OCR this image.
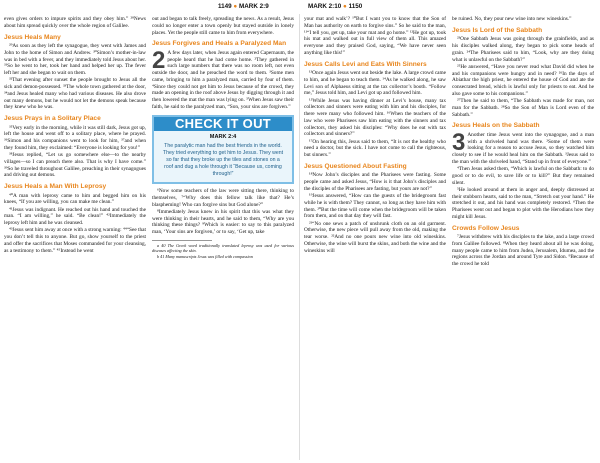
1149 ● MARK 2:9	MARK 2:10 ● 1150

even gives orders to impure spirits and they obey him.” ²⁸News about him spread quickly over the whole region of Galilee.

Jesus Heals Many

²⁹As soon as they left the synagogue, they went with James and John to the home of Simon and Andrew. ³⁰Simon’s mother-in-law was in bed with a fever, and they immediately told Jesus about her. ³¹So he went to her, took her hand and helped her up. The fever left her and she began to wait on them.

³²That evening after sunset the people brought to Jesus all the sick and demon-possessed. ³³The whole town gathered at the door, ³⁴and Jesus healed many who had various diseases. He also drove out many demons, but he would not let the demons speak because they knew who he was.

Jesus Prays in a Solitary Place

³⁵Very early in the morning, while it was still dark, Jesus got up, left the house and went off to a solitary place, where he prayed. ³⁶Simon and his companions went to look for him, ³⁷and when they found him, they exclaimed: “Everyone is looking for you!”

³⁸Jesus replied, “Let us go somewhere else—to the nearby villages—so I can preach there also. That is why I have come.” ³⁹So he traveled throughout Galilee, preaching in their synagogues and driving out demons.

Jesus Heals a Man With Leprosy

⁴⁰A man with leprosy came to him and begged him on his knees, “If you are willing, you can make me clean.”

⁴¹Jesus was indignant. He reached out his hand and touched the man. “I am willing,” he said. “Be clean!” ⁴²Immediately the leprosy left him and he was cleansed.

⁴³Jesus sent him away at once with a strong warning: ⁴⁴“See that you don’t tell this to anyone. But go, show yourself to the priest and offer the sacrifices that Moses commanded for your cleansing, as a testimony to them.” ⁴⁵Instead he went

out and began to talk freely, spreading the news. As a result, Jesus could no longer enter a town openly but stayed outside in lonely places. Yet the people still came to him from everywhere.

Jesus Forgives and Heals a Paralyzed Man

2 A few days later, when Jesus again entered Capernaum, the people heard that he had come home. ²They gathered in such large numbers that there was no room left, not even outside the door, and he preached the word to them. ³Some men came, bringing to him a paralyzed man, carried by four of them. ⁴Since they could not get him to Jesus because of the crowd, they made an opening in the roof above Jesus by digging through it and then lowered the mat the man was lying on. ⁵When Jesus saw their faith, he said to the paralyzed man, “Son, your sins are forgiven.”

CHECK IT OUT
MARK 2:4
The paralytic man had the best friends in the world. They tried everything to get him to Jesus. They went so far that they broke up the tiles and stones on a roof and dug a hole through it “Because us, coming through!”

⁶Now some teachers of the law were sitting there, thinking to themselves, ⁷“Why does this fellow talk like that? He’s blaspheming! Who can forgive sins but God alone?”

⁸Immediately Jesus knew in his spirit that this was what they were thinking in their hearts, and he said to them, “Why are you thinking these things? ⁹Which is easier: to say to this paralyzed man, ‘Your sins are forgiven,’ or to say, ‘Get up, take

a 40 The Greek word traditionally translated leprosy was used for various diseases affecting the skin.

b 41 Many manuscripts Jesus was filled with compassion

your mat and walk’? ¹⁰But I want you to know that the Son of Man has authority on earth to forgive sins.” So he said to the man, ¹¹“I tell you, get up, take your mat and go home.” ¹²He got up, took his mat and walked out in full view of them all. This amazed everyone and they praised God, saying, “We have never seen anything like this!”

Jesus Calls Levi and Eats With Sinners

¹³Once again Jesus went out beside the lake. A large crowd came to him, and he began to teach them. ¹⁴As he walked along, he saw Levi son of Alphaeus sitting at the tax collector’s booth. “Follow me,” Jesus told him, and Levi got up and followed him.

¹⁵While Jesus was having dinner at Levi’s house, many tax collectors and sinners were eating with him and his disciples, for there were many who followed him. ¹⁶When the teachers of the law who were Pharisees saw him eating with the sinners and tax collectors, they asked his disciples: “Why does he eat with tax collectors and sinners?”

¹⁷On hearing this, Jesus said to them, “It is not the healthy who need a doctor, but the sick. I have not come to call the righteous, but sinners.”

Jesus Questioned About Fasting

¹⁸Now John’s disciples and the Pharisees were fasting. Some people came and asked Jesus, “How is it that John’s disciples and the disciples of the Pharisees are fasting, but yours are not?”

¹⁹Jesus answered, “How can the guests of the bridegroom fast while he is with them? They cannot, so long as they have him with them. ²⁰But the time will come when the bridegroom will be taken from them, and on that day they will fast.

²¹“No one sews a patch of unshrunk cloth on an old garment. Otherwise, the new piece will pull away from the old, making the tear worse. ²²And no one pours new wine into old wineskins. Otherwise, the wine will burst the skins, and both the wine and the wineskins will

be ruined. No, they pour new wine into new wineskins.”

Jesus Is Lord of the Sabbath

²³One Sabbath Jesus was going through the grainfields, and as his disciples walked along, they began to pick some heads of grain. ²⁴The Pharisees said to him, “Look, why are they doing what is unlawful on the Sabbath?”

²⁵He answered, “Have you never read what David did when he and his companions were hungry and in need? ²⁶In the days of Abiathar the high priest, he entered the house of God and ate the consecrated bread, which is lawful only for priests to eat. And he also gave some to his companions.”

²⁷Then he said to them, “The Sabbath was made for man, not man for the Sabbath. ²⁸So the Son of Man is Lord even of the Sabbath.”

Jesus Heals on the Sabbath

3 Another time Jesus went into the synagogue, and a man with a shriveled hand was there. ²Some of them were looking for a reason to accuse Jesus, so they watched him closely to see if he would heal him on the Sabbath. ³Jesus said to the man with the shriveled hand, “Stand up in front of everyone.”

⁴Then Jesus asked them, “Which is lawful on the Sabbath: to do good or to do evil, to save life or to kill?” But they remained silent.

⁵He looked around at them in anger and, deeply distressed at their stubborn hearts, said to the man, “Stretch out your hand.” He stretched it out, and his hand was completely restored. ⁶Then the Pharisees went out and began to plot with the Herodians how they might kill Jesus.

Crowds Follow Jesus

⁷Jesus withdrew with his disciples to the lake, and a large crowd from Galilee followed. ⁸When they heard about all he was doing, many people came to him from Judea, Jerusalem, Idumea, and the regions across the Jordan and around Tyre and Sidon. ⁹Because of the crowd he told
